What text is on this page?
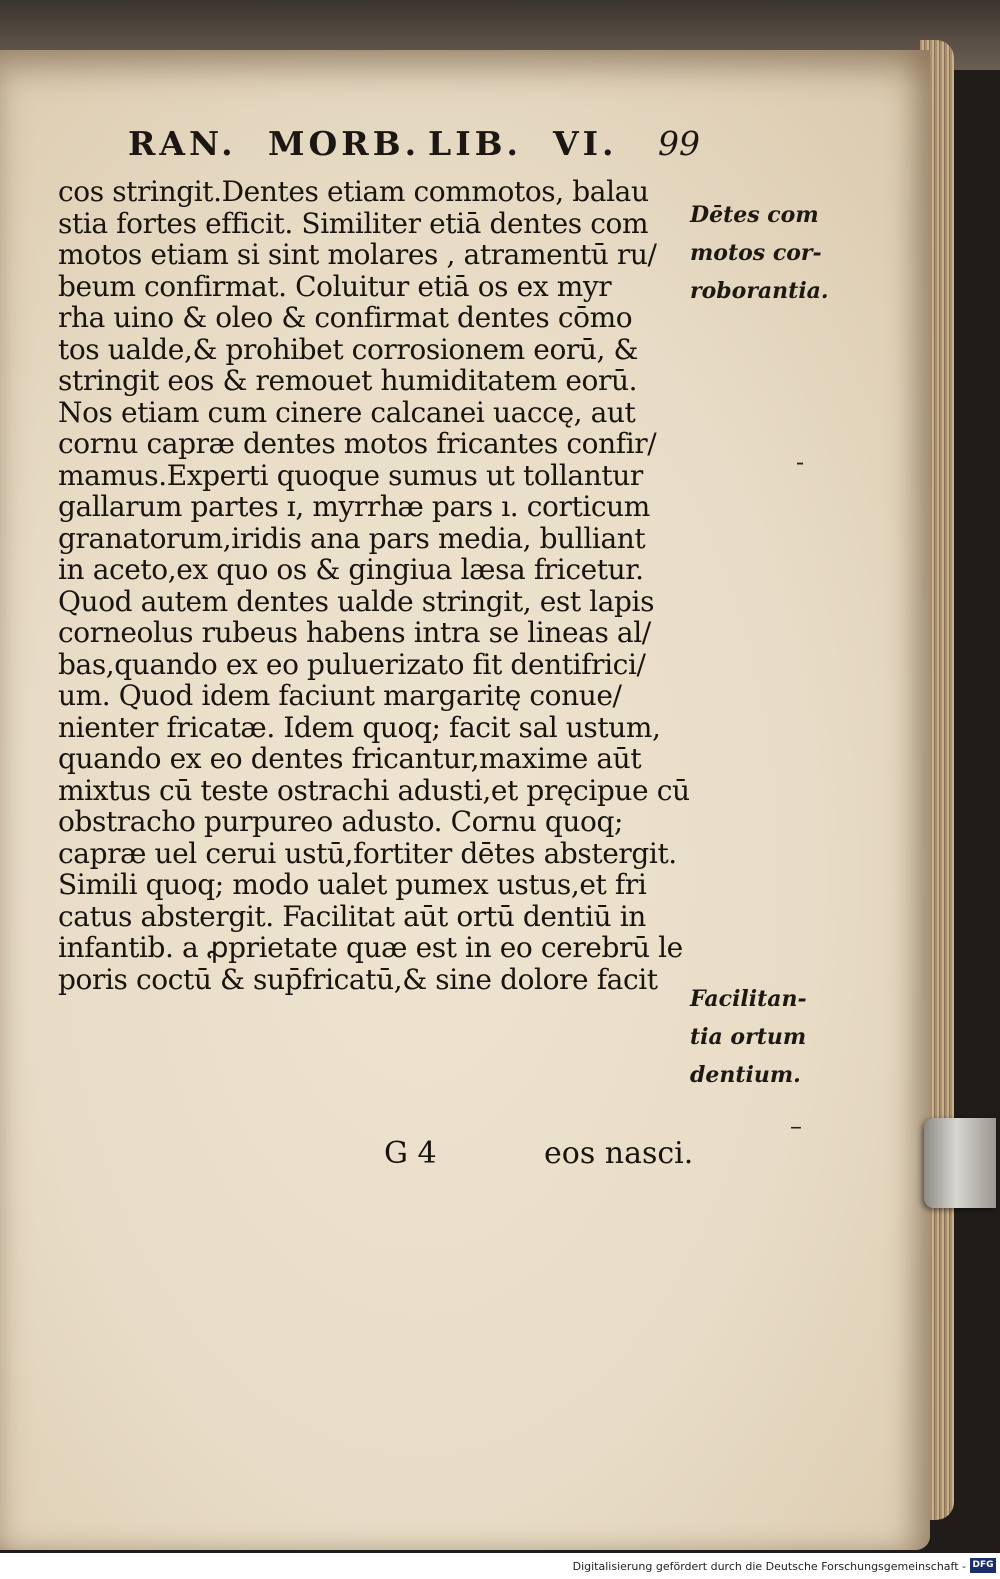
RAN. MORB. LIB. VI. 99
cos stringit.Dentes etiam commotos, balau
stia fortes efficit. Similiter etiā dentes com
motos etiam si sint molares , atramentū ru/
beum confirmat. Coluitur etiā os ex myr
rha uino & oleo & confirmat dentes cōmo
tos ualde,& prohibet corrosionem eorū, &
stringit eos & remouet humiditatem eorū.
Nos etiam cum cinere calcanei uaccę, aut
cornu capræ dentes motos fricantes confir/
mamus.Experti quoque sumus ut tollantur
gallarum partes ɪ, myrrhæ pars ı. corticum
granatorum,iridis ana pars media, bulliant
in aceto,ex quo os & gingiua læsa fricetur.
Quod autem dentes ualde stringit, est lapis
corneolus rubeus habens intra se lineas al/
bas,quando ex eo puluerizato fit dentifrici/
um. Quod idem faciunt margaritę conue/
nienter fricatæ. Idem quoq; facit sal ustum,
quando ex eo dentes fricantur,maxime aūt
mixtus cū teste ostrachi adusti,et pręcipue cū
obstracho purpureo adusto. Cornu quoq;
capræ uel cerui ustū,fortiter dētes abstergit.
Simili quoq; modo ualet pumex ustus,et fri
catus abstergit. Facilitat aūt ortū dentiū in
infantib. a ꝓprietate quæ est in eo cerebrū le
poris coctū & sup̄fricatū,& sine dolore facit
Dētes com
motos cor-
roborantia.
Facilitan-
tia ortum
dentium.
-
–
G 4	eos nasci.
Digitalisierung gefördert durch die Deutsche Forschungsgemeinschaft - DFG
